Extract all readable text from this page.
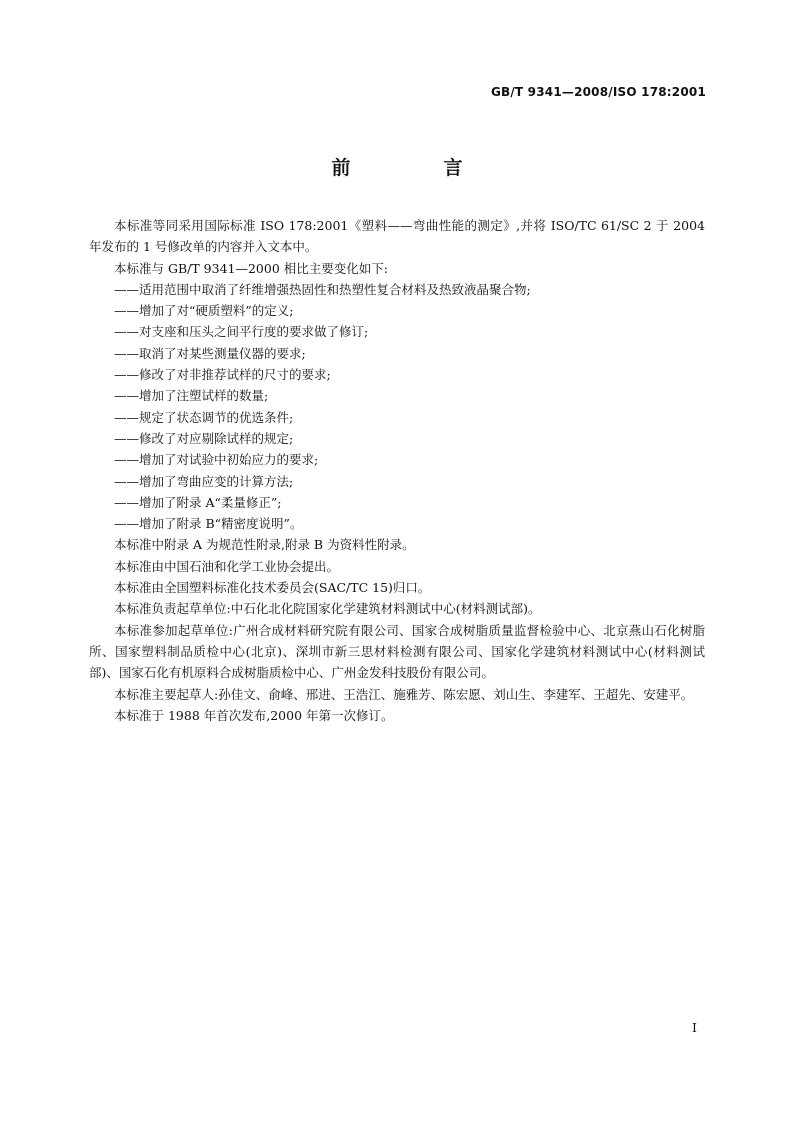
GB/T 9341—2008/ISO 178:2001
前　言

本标准等同采用国际标准 ISO 178:2001《塑料——弯曲性能的测定》,并将 ISO/TC 61/SC 2 于 2004 年发布的 1 号修改单的内容并入文本中。

本标准与 GB/T 9341—2000 相比主要变化如下:

——适用范围中取消了纤维增强热固性和热塑性复合材料及热致液晶聚合物;

——增加了对“硬质塑料”的定义;

——对支座和压头之间平行度的要求做了修订;

——取消了对某些测量仪器的要求;

——修改了对非推荐试样的尺寸的要求;

——增加了注塑试样的数量;

——规定了状态调节的优选条件;

——修改了对应剔除试样的规定;

——增加了对试验中初始应力的要求;

——增加了弯曲应变的计算方法;

——增加了附录 A“柔量修正”;

——增加了附录 B“精密度说明”。

本标准中附录 A 为规范性附录,附录 B 为资料性附录。

本标准由中国石油和化学工业协会提出。

本标准由全国塑料标准化技术委员会(SAC/TC 15)归口。

本标准负责起草单位:中石化北化院国家化学建筑材料测试中心(材料测试部)。

本标准参加起草单位:广州合成材料研究院有限公司、国家合成树脂质量监督检验中心、北京燕山石化树脂所、国家塑料制品质检中心(北京)、深圳市新三思材料检测有限公司、国家化学建筑材料测试中心(材料测试部)、国家石化有机原料合成树脂质检中心、广州金发科技股份有限公司。

本标准主要起草人:孙佳文、俞峰、邢进、王浩江、施雅芳、陈宏愿、刘山生、李建军、王超先、安建平。

本标准于 1988 年首次发布,2000 年第一次修订。

I
